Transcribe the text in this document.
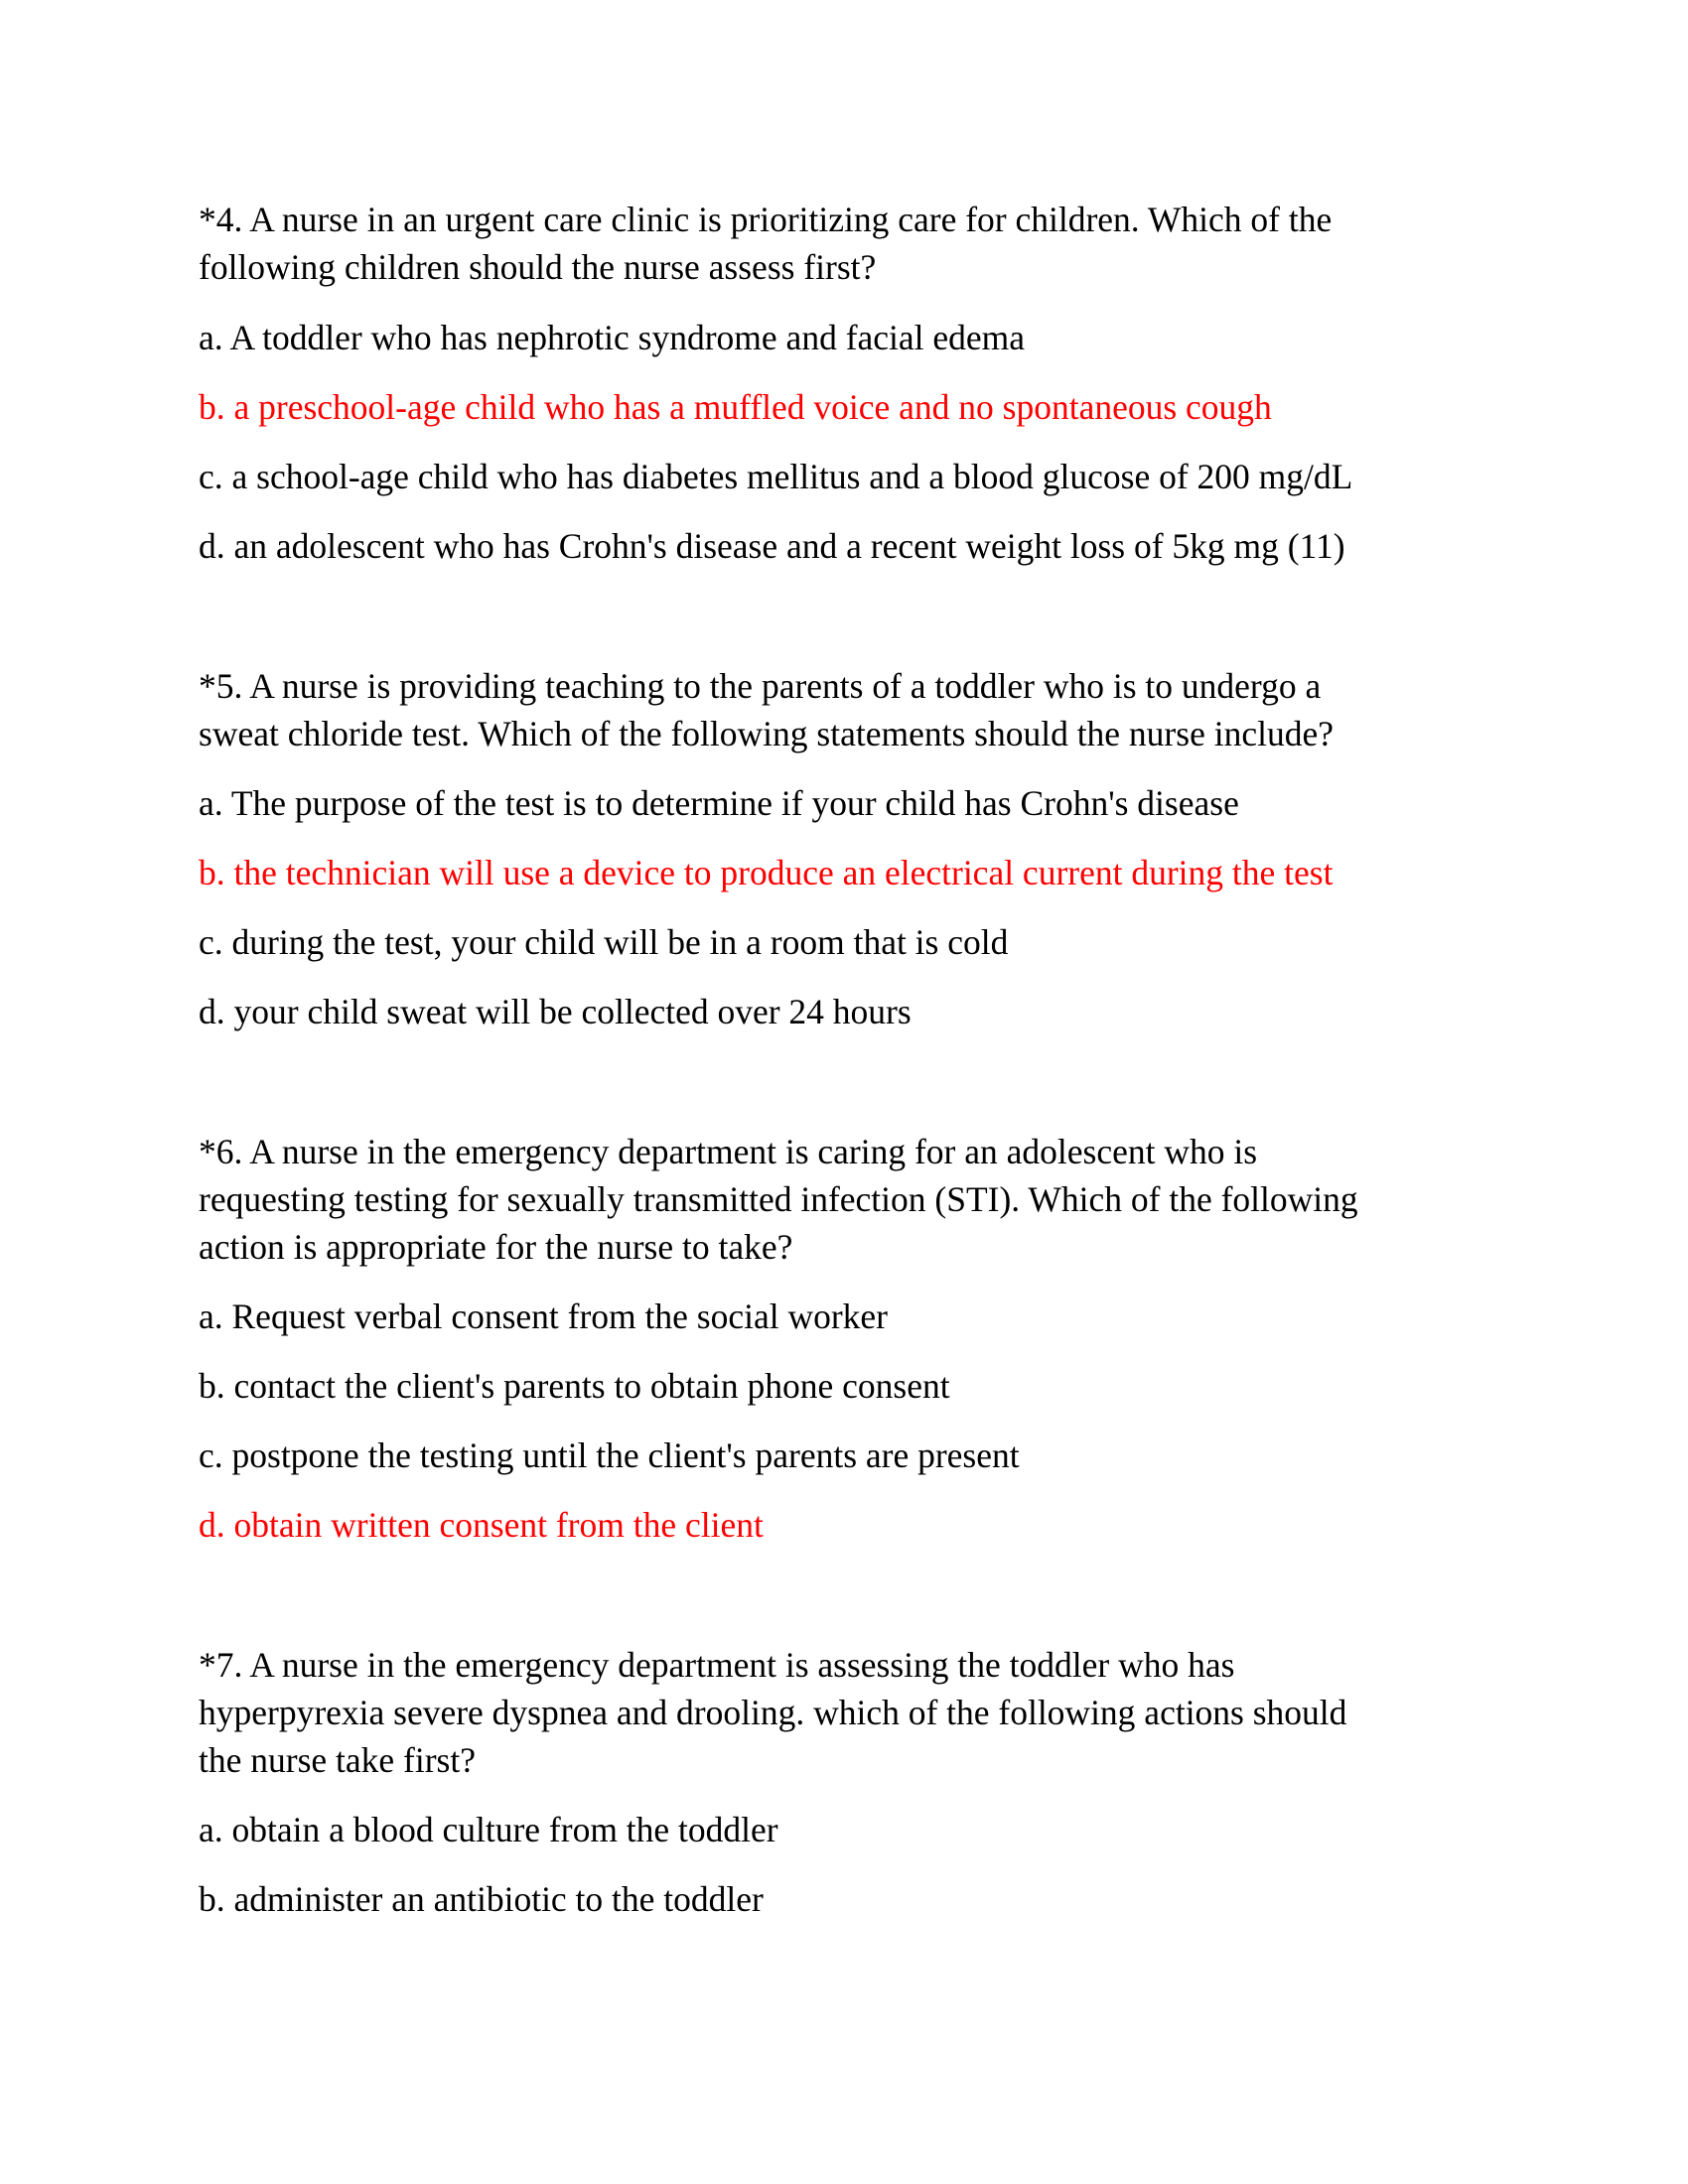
*4. A nurse in an urgent care clinic is prioritizing care for children. Which of the

following children should the nurse assess first?

a. A toddler who has nephrotic syndrome and facial edema

b. a preschool-age child who has a muffled voice and no spontaneous cough

c. a school-age child who has diabetes mellitus and a blood glucose of 200 mg/dL

d. an adolescent who has Crohn's disease and a recent weight loss of 5kg mg (11)

*5. A nurse is providing teaching to the parents of a toddler who is to undergo a

sweat chloride test. Which of the following statements should the nurse include?

a. The purpose of the test is to determine if your child has Crohn's disease

b. the technician will use a device to produce an electrical current during the test

c. during the test, your child will be in a room that is cold

d. your child sweat will be collected over 24 hours

*6. A nurse in the emergency department is caring for an adolescent who is

requesting testing for sexually transmitted infection (STI). Which of the following

action is appropriate for the nurse to take?

a. Request verbal consent from the social worker

b. contact the client's parents to obtain phone consent

c. postpone the testing until the client's parents are present

d. obtain written consent from the client

*7. A nurse in the emergency department is assessing the toddler who has

hyperpyrexia severe dyspnea and drooling. which of the following actions should

the nurse take first?

a. obtain a blood culture from the toddler

b. administer an antibiotic to the toddler
